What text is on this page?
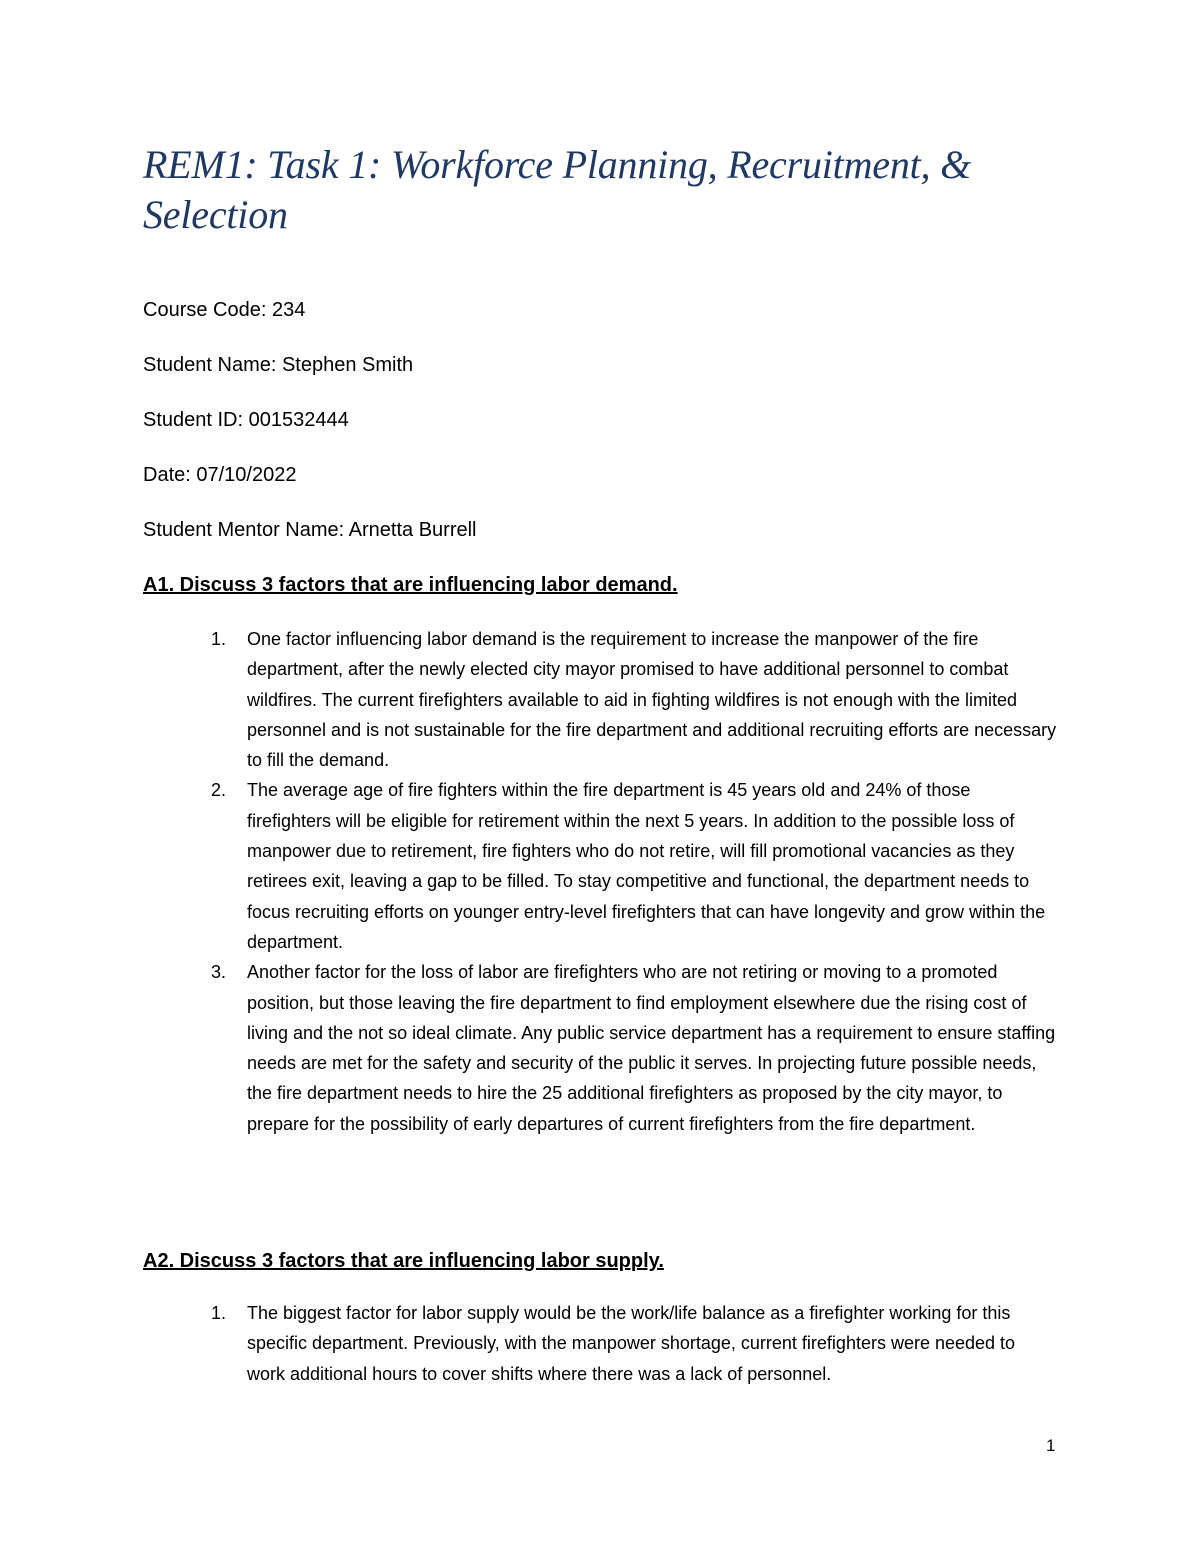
REM1: Task 1: Workforce Planning, Recruitment, & Selection

Course Code: 234

Student Name: Stephen Smith

Student ID: 001532444

Date: 07/10/2022

Student Mentor Name: Arnetta Burrell

A1. Discuss 3 factors that are influencing labor demand.
1. One factor influencing labor demand is the requirement to increase the manpower of the fire department, after the newly elected city mayor promised to have additional personnel to combat wildfires. The current firefighters available to aid in fighting wildfires is not enough with the limited personnel and is not sustainable for the fire department and additional recruiting efforts are necessary to fill the demand.
2. The average age of fire fighters within the fire department is 45 years old and 24% of those firefighters will be eligible for retirement within the next 5 years. In addition to the possible loss of manpower due to retirement, fire fighters who do not retire, will fill promotional vacancies as they retirees exit, leaving a gap to be filled. To stay competitive and functional, the department needs to focus recruiting efforts on younger entry-level firefighters that can have longevity and grow within the department.
3. Another factor for the loss of labor are firefighters who are not retiring or moving to a promoted position, but those leaving the fire department to find employment elsewhere due the rising cost of living and the not so ideal climate. Any public service department has a requirement to ensure staffing needs are met for the safety and security of the public it serves. In projecting future possible needs, the fire department needs to hire the 25 additional firefighters as proposed by the city mayor, to prepare for the possibility of early departures of current firefighters from the fire department.
A2. Discuss 3 factors that are influencing labor supply.
1. The biggest factor for labor supply would be the work/life balance as a firefighter working for this specific department. Previously, with the manpower shortage, current firefighters were needed to work additional hours to cover shifts where there was a lack of personnel.
1
